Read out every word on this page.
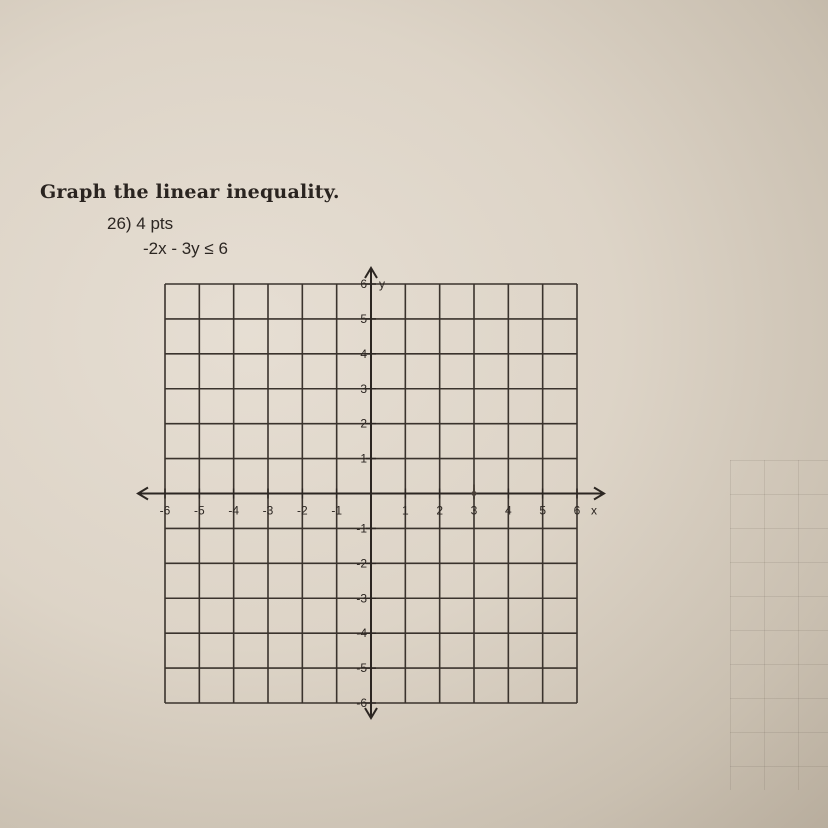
Graph the linear inequality.
26) 4 pts
-2x - 3y ≤ 6
x
y
-6 -5 -4 -3 -2 -1	1 2 3 4 5 6
6
5
4
3
2
1
-1
-2
-3
-4
-5
-6
